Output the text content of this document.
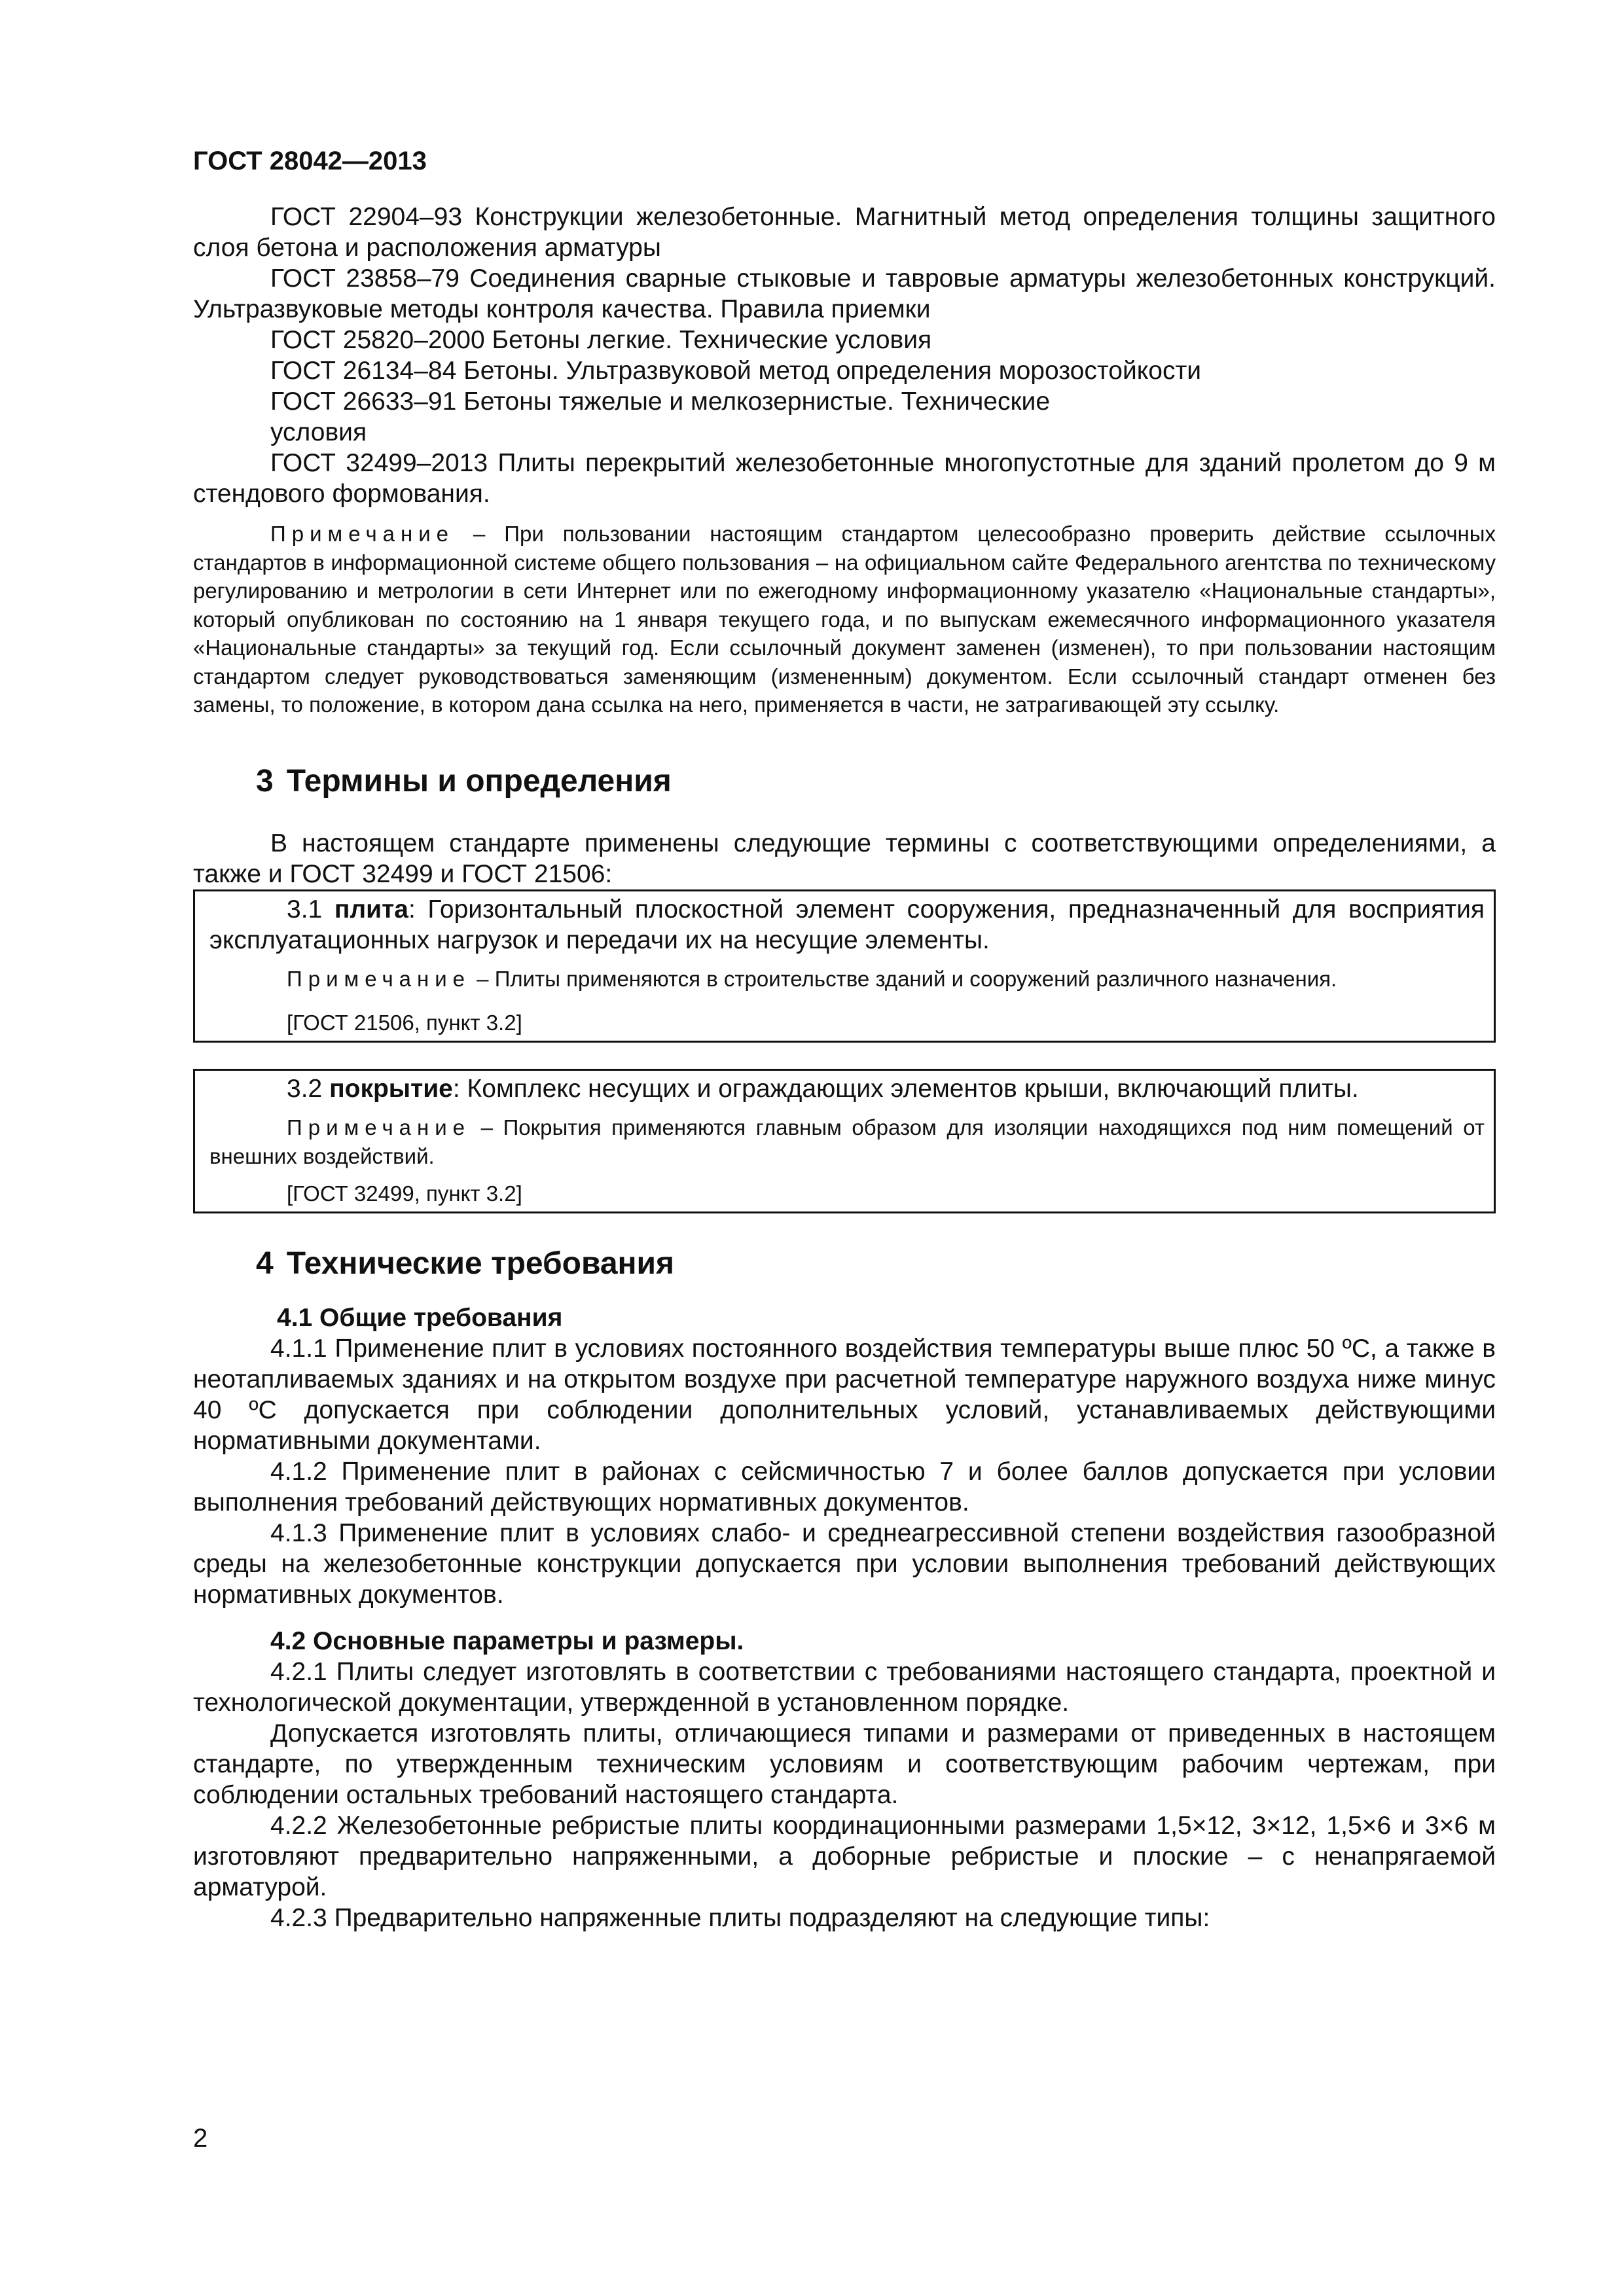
ГОСТ 28042—2013

ГОСТ 22904–93 Конструкции железобетонные. Магнитный метод определения толщины защитного слоя бетона и расположения арматуры

ГОСТ 23858–79 Соединения сварные стыковые и тавровые арматуры железобетонных конструкций. Ультразвуковые методы контроля качества. Правила приемки

ГОСТ 25820–2000 Бетоны легкие. Технические условия

ГОСТ 26134–84 Бетоны. Ультразвуковой метод определения морозостойкости

ГОСТ 26633–91 Бетоны тяжелые и мелкозернистые. Технические

условия

ГОСТ 32499–2013 Плиты перекрытий железобетонные многопустотные для зданий пролетом до 9 м стендового формования.

Примечание – При пользовании настоящим стандартом целесообразно проверить действие ссылочных стандартов в информационной системе общего пользования – на официальном сайте Федерального агентства по техническому регулированию и метрологии в сети Интернет или по ежегодному информационному указателю «Национальные стандарты», который опубликован по состоянию на 1 января текущего года, и по выпускам ежемесячного информационного указателя «Национальные стандарты» за текущий год. Если ссылочный документ заменен (изменен), то при пользовании настоящим стандартом следует руководствоваться заменяющим (измененным) документом. Если ссылочный стандарт отменен без замены, то положение, в котором дана ссылка на него, применяется в части, не затрагивающей эту ссылку.

3 Термины и определения

В настоящем стандарте применены следующие термины с соответствующими определениями, а также и ГОСТ 32499 и ГОСТ 21506:

3.1 плита: Горизонтальный плоскостной элемент сооружения, предназначенный для восприятия эксплуатационных нагрузок и передачи их на несущие элементы.

Примечание – Плиты применяются в строительстве зданий и сооружений различного назначения.

[ГОСТ 21506, пункт 3.2]

3.2 покрытие: Комплекс несущих и ограждающих элементов крыши, включающий плиты.

Примечание – Покрытия применяются главным образом для изоляции находящихся под ним помещений от внешних воздействий.

[ГОСТ 32499, пункт 3.2]

4 Технические требования
4.1 Общие требования

4.1.1 Применение плит в условиях постоянного воздействия температуры выше плюс 50 ºС, а также в неотапливаемых зданиях и на открытом воздухе при расчетной температуре наружного воздуха ниже минус 40 ºС допускается при соблюдении дополнительных условий, устанавливаемых действующими нормативными документами.

4.1.2 Применение плит в районах с сейсмичностью 7 и более баллов допускается при условии выполнения требований действующих нормативных документов.

4.1.3 Применение плит в условиях слабо- и среднеагрессивной степени воздействия газообразной среды на железобетонные конструкции допускается при условии выполнения требований действующих нормативных документов.

4.2 Основные параметры и размеры.

4.2.1 Плиты следует изготовлять в соответствии с требованиями настоящего стандарта, проектной и технологической документации, утвержденной в установленном порядке.

Допускается изготовлять плиты, отличающиеся типами и размерами от приведенных в настоящем стандарте, по утвержденным техническим условиям и соответствующим рабочим чертежам, при соблюдении остальных требований настоящего стандарта.

4.2.2 Железобетонные ребристые плиты координационными размерами 1,5×12, 3×12, 1,5×6 и 3×6 м изготовляют предварительно напряженными, а доборные ребристые и плоские – с ненапрягаемой арматурой.

4.2.3 Предварительно напряженные плиты подразделяют на следующие типы:

2
